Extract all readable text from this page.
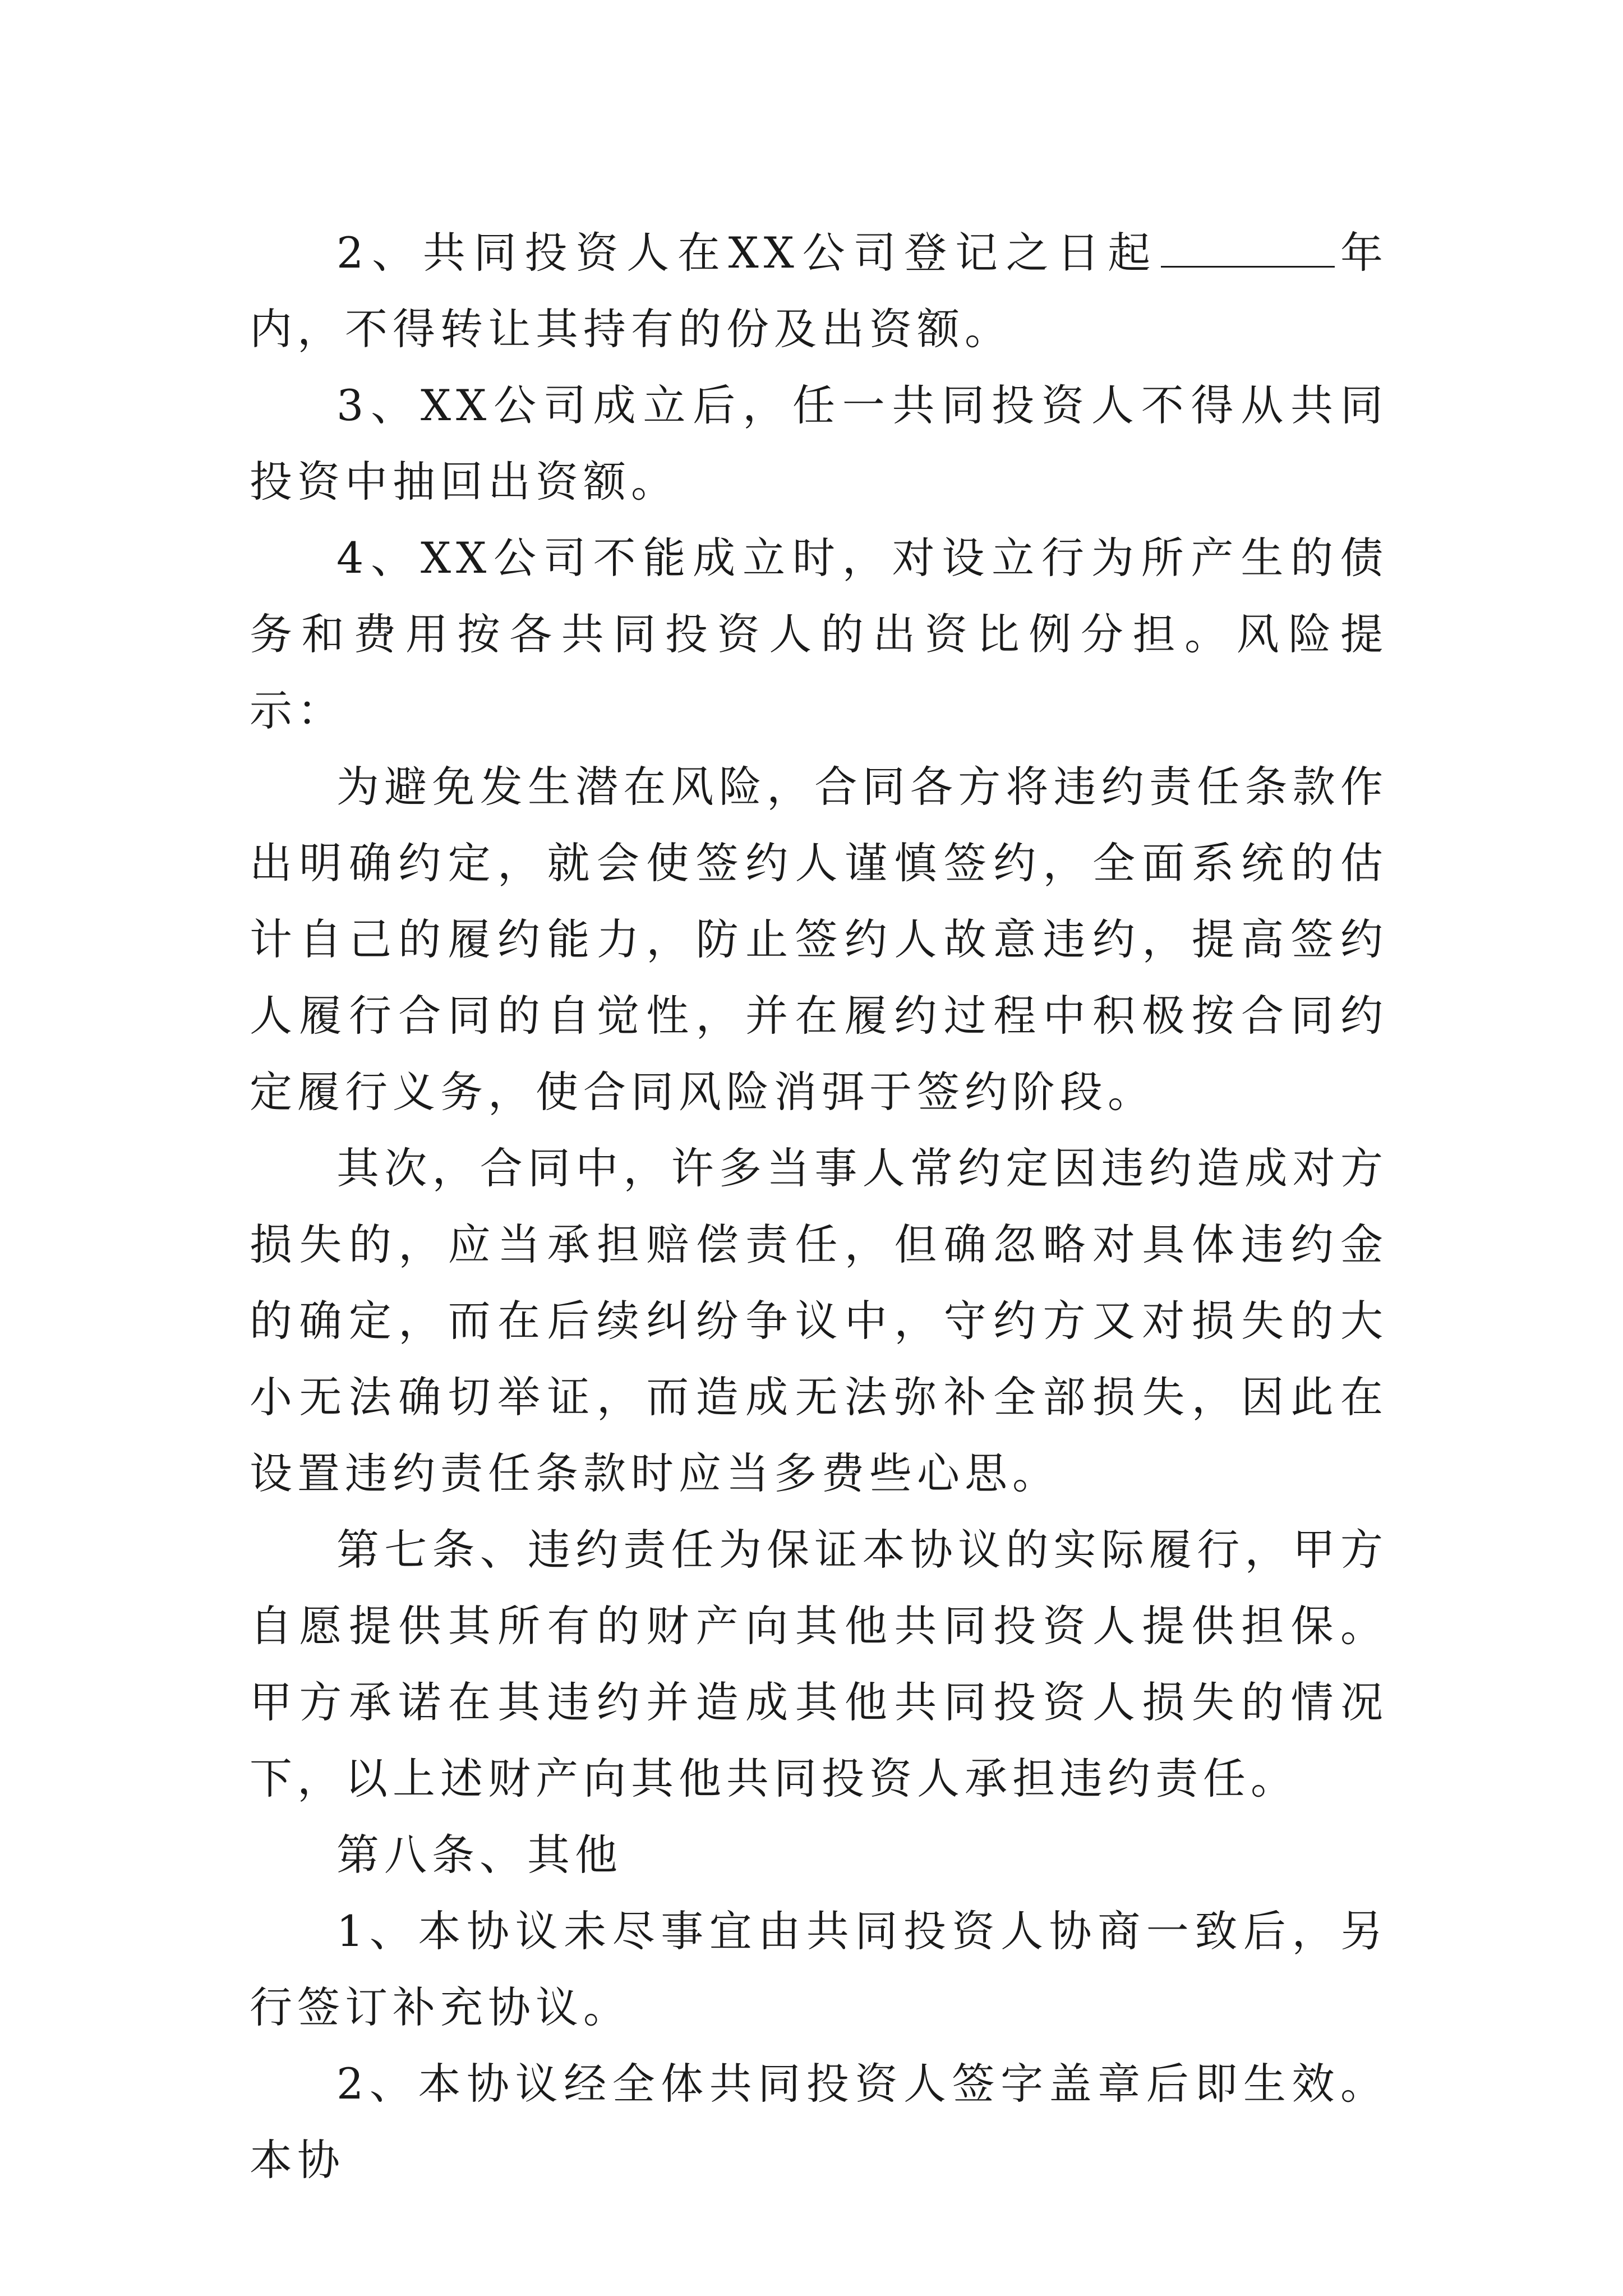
2、共同投资人在XX公司登记之日起	年内，不得转让其持有的份及出资额。

3、XX公司成立后，任一共同投资人不得从共同投资中抽回出资额。

4、XX公司不能成立时，对设立行为所产生的债务和费用按各共同投资人的出资比例分担。风险提示：

为避免发生潜在风险，合同各方将违约责任条款作出明确约定，就会使签约人谨慎签约，全面系统的估计自己的履约能力，防止签约人故意违约，提高签约人履行合同的自觉性，并在履约过程中积极按合同约定履行义务，使合同风险消弭于签约阶段。

其次，合同中，许多当事人常约定因违约造成对方损失的，应当承担赔偿责任，但确忽略对具体违约金的确定，而在后续纠纷争议中，守约方又对损失的大小无法确切举证，而造成无法弥补全部损失，因此在设置违约责任条款时应当多费些心思。

第七条、违约责任为保证本协议的实际履行，甲方自愿提供其所有的财产向其他共同投资人提供担保。甲方承诺在其违约并造成其他共同投资人损失的情况下，以上述财产向其他共同投资人承担违约责任。

第八条、其他

1、本协议未尽事宜由共同投资人协商一致后，另行签订补充协议。

2、本协议经全体共同投资人签字盖章后即生效。本协
